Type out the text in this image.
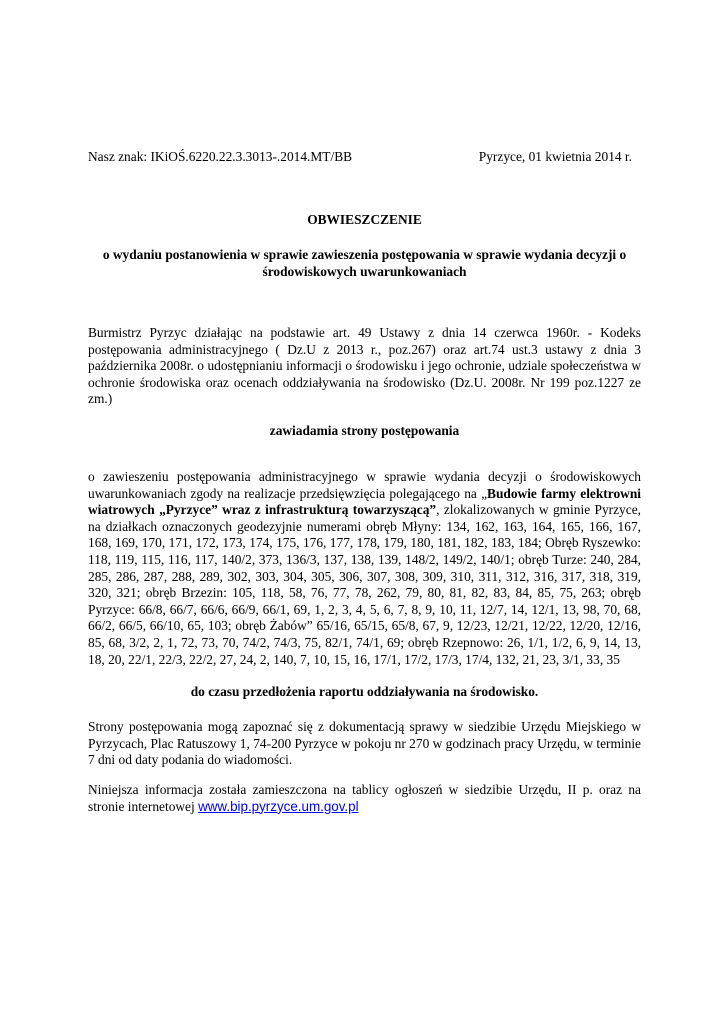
Nasz znak: IKiOŚ.6220.22.3.3013-.2014.MT/BB	Pyrzyce, 01 kwietnia 2014 r.
OBWIESZCZENIE
o wydaniu postanowienia w sprawie zawieszenia postępowania w sprawie wydania decyzji o środowiskowych uwarunkowaniach
Burmistrz Pyrzyc działając na podstawie art. 49 Ustawy z dnia 14 czerwca 1960r. - Kodeks postępowania administracyjnego ( Dz.U z 2013 r., poz.267) oraz art.74 ust.3 ustawy z dnia 3 października 2008r. o udostępnianiu informacji o środowisku i jego ochronie, udziale społeczeństwa w ochronie środowiska oraz ocenach oddziaływania na środowisko (Dz.U. 2008r. Nr 199 poz.1227 ze zm.)
zawiadamia strony postępowania
o zawieszeniu postępowania administracyjnego w sprawie wydania decyzji o środowiskowych uwarunkowaniach zgody na realizacje przedsięwzięcia polegającego na „Budowie farmy elektrowni wiatrowych „Pyrzyce” wraz z infrastrukturą towarzyszącą”, zlokalizowanych w gminie Pyrzyce, na działkach oznaczonych geodezyjnie numerami obręb Młyny: 134, 162, 163, 164, 165, 166, 167, 168, 169, 170, 171, 172, 173, 174, 175, 176, 177, 178, 179, 180, 181, 182, 183, 184; Obręb Ryszewko: 118, 119, 115, 116, 117, 140/2, 373, 136/3, 137, 138, 139, 148/2, 149/2, 140/1; obręb Turze: 240, 284, 285, 286, 287, 288, 289, 302, 303, 304, 305, 306, 307, 308, 309, 310, 311, 312, 316, 317, 318, 319, 320, 321; obręb Brzezin: 105, 118, 58, 76, 77, 78, 262, 79, 80, 81, 82, 83, 84, 85, 75, 263; obręb Pyrzyce: 66/8, 66/7, 66/6, 66/9, 66/1, 69, 1, 2, 3, 4, 5, 6, 7, 8, 9, 10, 11, 12/7, 14, 12/1, 13, 98, 70, 68, 66/2, 66/5, 66/10, 65, 103; obręb Żabów” 65/16, 65/15, 65/8, 67, 9, 12/23, 12/21, 12/22, 12/20, 12/16, 85, 68, 3/2, 2, 1, 72, 73, 70, 74/2, 74/3, 75, 82/1, 74/1, 69; obręb Rzepnowo: 26, 1/1, 1/2, 6, 9, 14, 13, 18, 20, 22/1, 22/3, 22/2, 27, 24, 2, 140, 7, 10, 15, 16, 17/1, 17/2, 17/3, 17/4, 132, 21, 23, 3/1, 33, 35
do czasu przedłożenia raportu oddziaływania na środowisko.
Strony postępowania mogą zapoznać się z dokumentacją sprawy w siedzibie Urzędu Miejskiego w Pyrzycach, Plac Ratuszowy 1, 74-200 Pyrzyce w pokoju nr 270 w godzinach pracy Urzędu, w terminie 7 dni od daty podania do wiadomości.
Niniejsza informacja została zamieszczona na tablicy ogłoszeń w siedzibie Urzędu, II p. oraz na stronie internetowej www.bip.pyrzyce.um.gov.pl
